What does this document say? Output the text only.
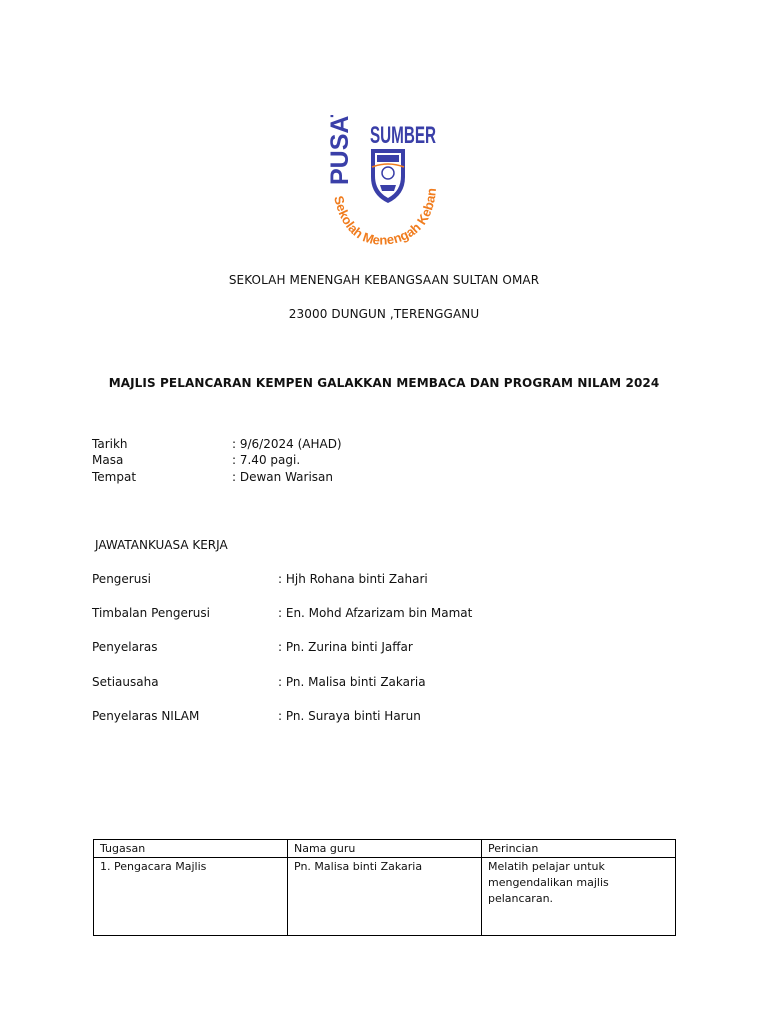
PUSAT SUMBER
Sekolah Menengah Keban
SEKOLAH MENENGAH KEBANGSAAN SULTAN OMAR
23000 DUNGUN ,TERENGGANU
MAJLIS PELANCARAN KEMPEN GALAKKAN MEMBACA DAN PROGRAM NILAM 2024
Tarikh	: 9/6/2024 (AHAD)
Masa	: 7.40 pagi.
Tempat	: Dewan Warisan
JAWATANKUASA KERJA
Pengerusi	: Hjh Rohana binti Zahari
Timbalan Pengerusi	: En. Mohd Afzarizam bin Mamat
Penyelaras	: Pn. Zurina binti Jaffar
Setiausaha	: Pn. Malisa binti Zakaria
Penyelaras NILAM	: Pn. Suraya binti Harun
Tugasan	Nama guru	Perincian
1. Pengacara Majlis	Pn. Malisa binti Zakaria	Melatih pelajar untuk mengendalikan majlis pelancaran.
